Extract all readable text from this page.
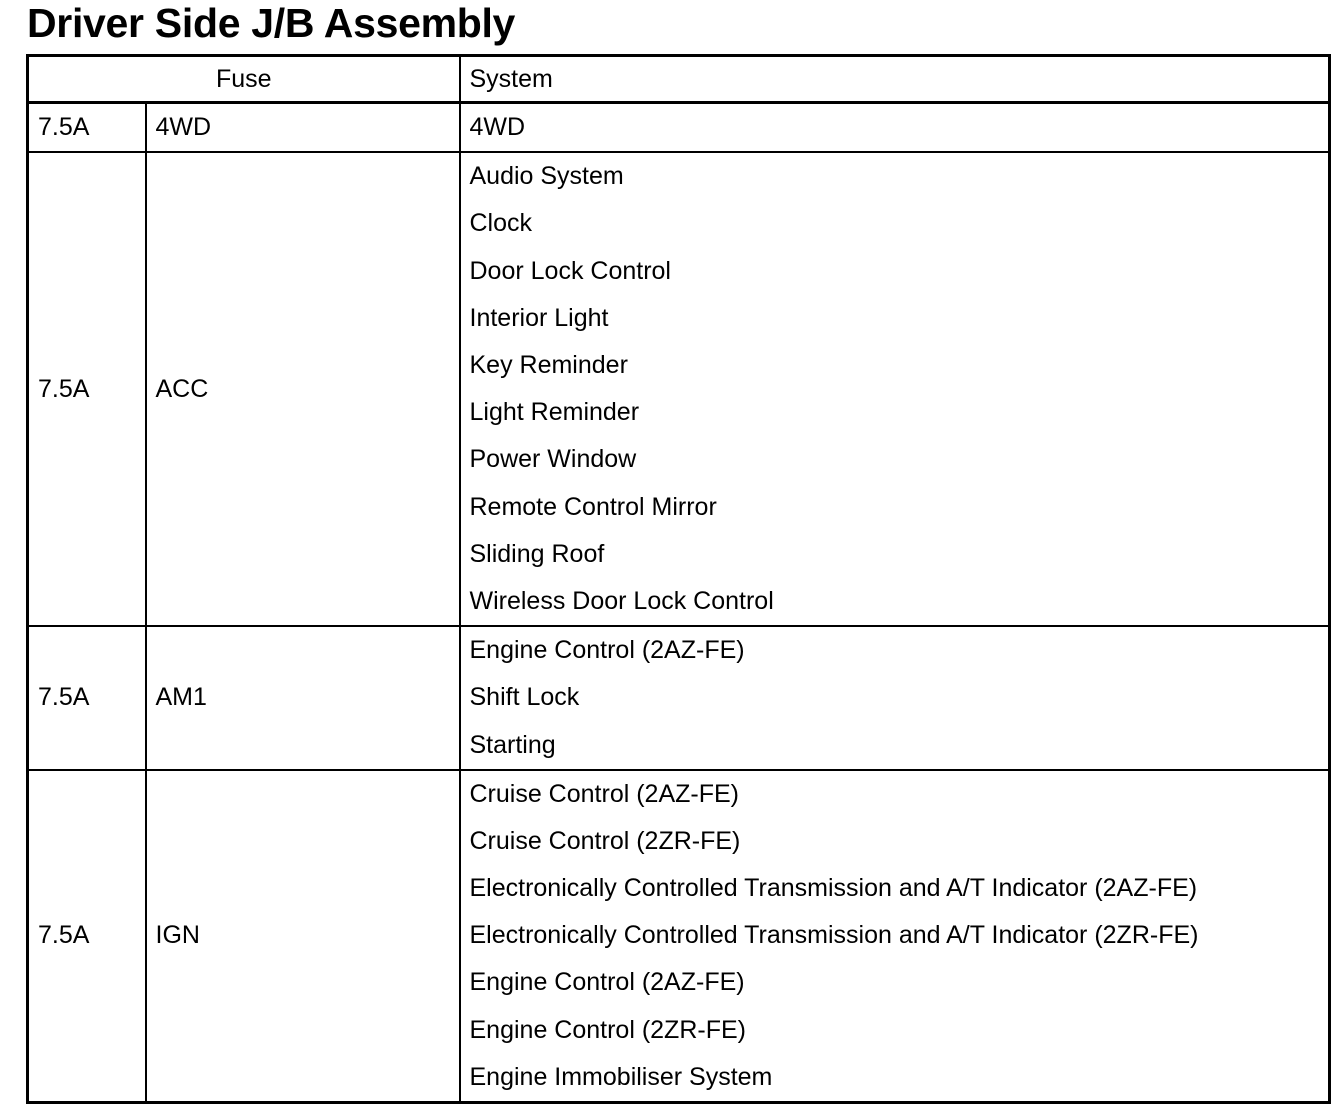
Driver Side J/B Assembly
Fuse		System
7.5A	4WD	4WD
7.5A	ACC	Audio System
		Clock
		Door Lock Control
		Interior Light
		Key Reminder
		Light Reminder
		Power Window
		Remote Control Mirror
		Sliding Roof
		Wireless Door Lock Control
7.5A	AM1	Engine Control (2AZ-FE)
		Shift Lock
		Starting
7.5A	IGN	Cruise Control (2AZ-FE)
		Cruise Control (2ZR-FE)
		Electronically Controlled Transmission and A/T Indicator (2AZ-FE)
		Electronically Controlled Transmission and A/T Indicator (2ZR-FE)
		Engine Control (2AZ-FE)
		Engine Control (2ZR-FE)
		Engine Immobiliser System
